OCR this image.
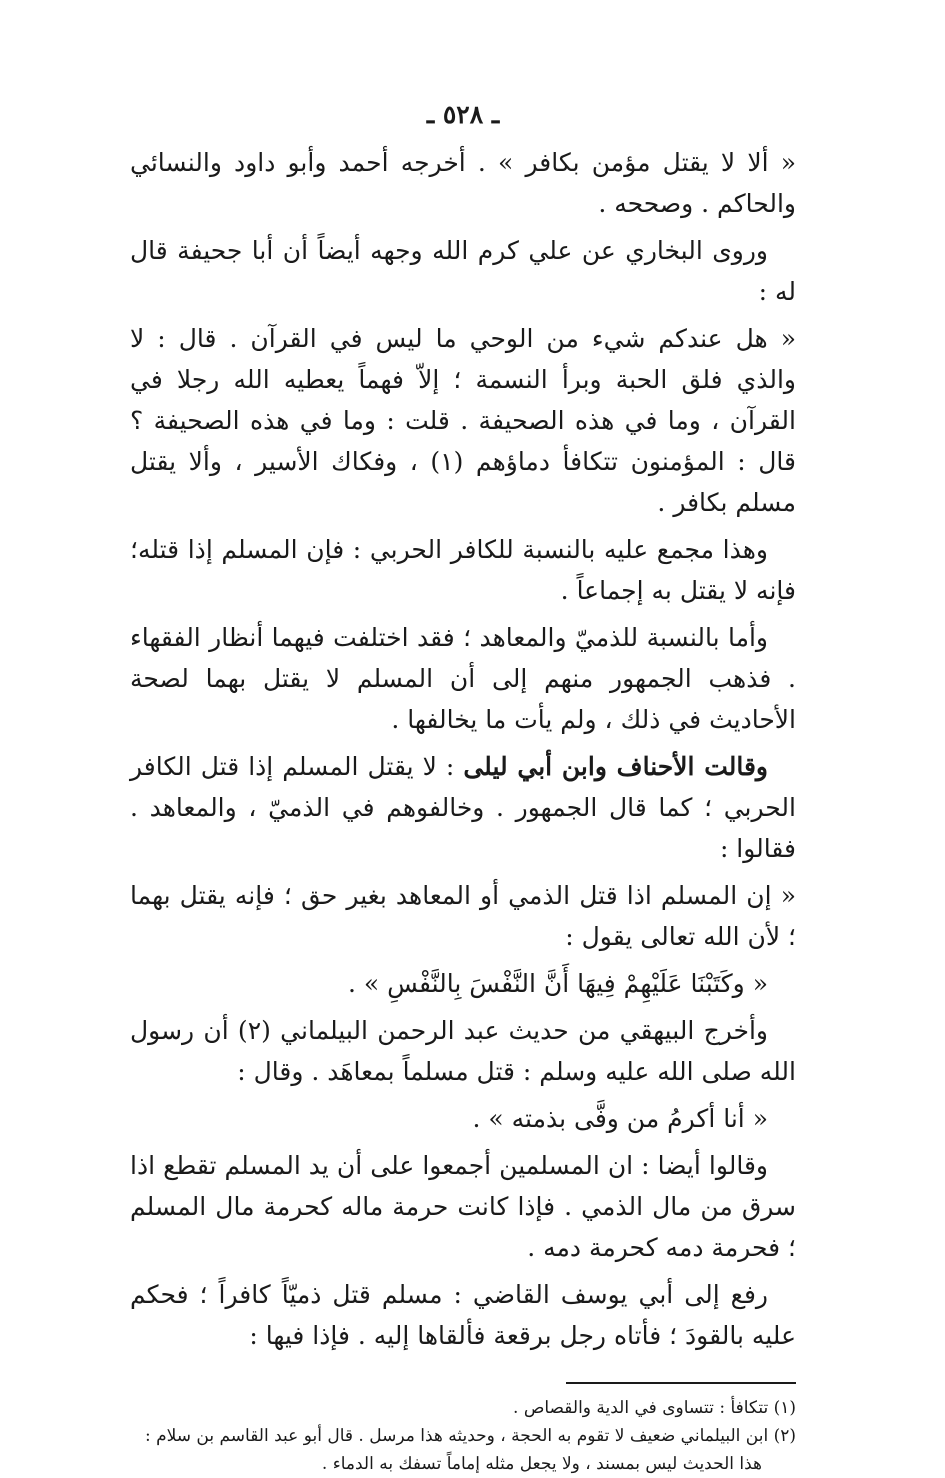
ـ ٥٢٨ ـ

« ألا لا يقتل مؤمن بكافر » . أخرجه أحمد وأبو داود والنسائي والحاكم . وصححه .

وروى البخاري عن علي كرم الله وجهه أيضاً أن أبا جحيفة قال له :

« هل عندكم شيء من الوحي ما ليس في القرآن . قال : لا والذي فلق الحبة وبرأ النسمة ؛ إلاّ فهماً يعطيه الله رجلا في القرآن ، وما في هذه الصحيفة . قلت : وما في هذه الصحيفة ؟ قال : المؤمنون تتكافأ دماؤهم (١) ، وفكاك الأسير ، وألا يقتل مسلم بكافر .

وهذا مجمع عليه بالنسبة للكافر الحربي : فإن المسلم إذا قتله؛ فإنه لا يقتل به إجماعاً .

وأما بالنسبة للذميّ والمعاهد ؛ فقد اختلفت فيهما أنظار الفقهاء . فذهب الجمهور منهم إلى أن المسلم لا يقتل بهما لصحة الأحاديث في ذلك ، ولم يأت ما يخالفها .

وقالت الأحناف وابن أبي ليلى : لا يقتل المسلم إذا قتل الكافر الحربي ؛ كما قال الجمهور . وخالفوهم في الذميّ ، والمعاهد . فقالوا :

« إن المسلم اذا قتل الذمي أو المعاهد بغير حق ؛ فإنه يقتل بهما ؛ لأن الله تعالى يقول :

« وكَتَبْنَا عَلَيْهِمْ فِيهَا أَنَّ النَّفْسَ بِالنَّفْسِ » .

وأخرج البيهقي من حديث عبد الرحمن البيلماني (٢) أن رسول الله صلى الله عليه وسلم : قتل مسلماً بمعاهَد . وقال :

« أنا أكرمُ من وفَّى بذمته » .

وقالوا أيضا : ان المسلمين أجمعوا على أن يد المسلم تقطع اذا سرق من مال الذمي . فإذا كانت حرمة ماله كحرمة مال المسلم ؛ فحرمة دمه كحرمة دمه .

رفع إلى أبي يوسف القاضي : مسلم قتل ذميّاً كافراً ؛ فحكم عليه بالقودَ ؛ فأتاه رجل برقعة فألقاها إليه . فإذا فيها :

(١) تتكافأ : تتساوى في الدية والقصاص .

(٢) ابن البيلماني ضعيف لا تقوم به الحجة ، وحديثه هذا مرسل . قال أبو عبد القاسم بن سلام :

هذا الحديث ليس بمسند ، ولا يجعل مثله إماماً تسفك به الدماء .
